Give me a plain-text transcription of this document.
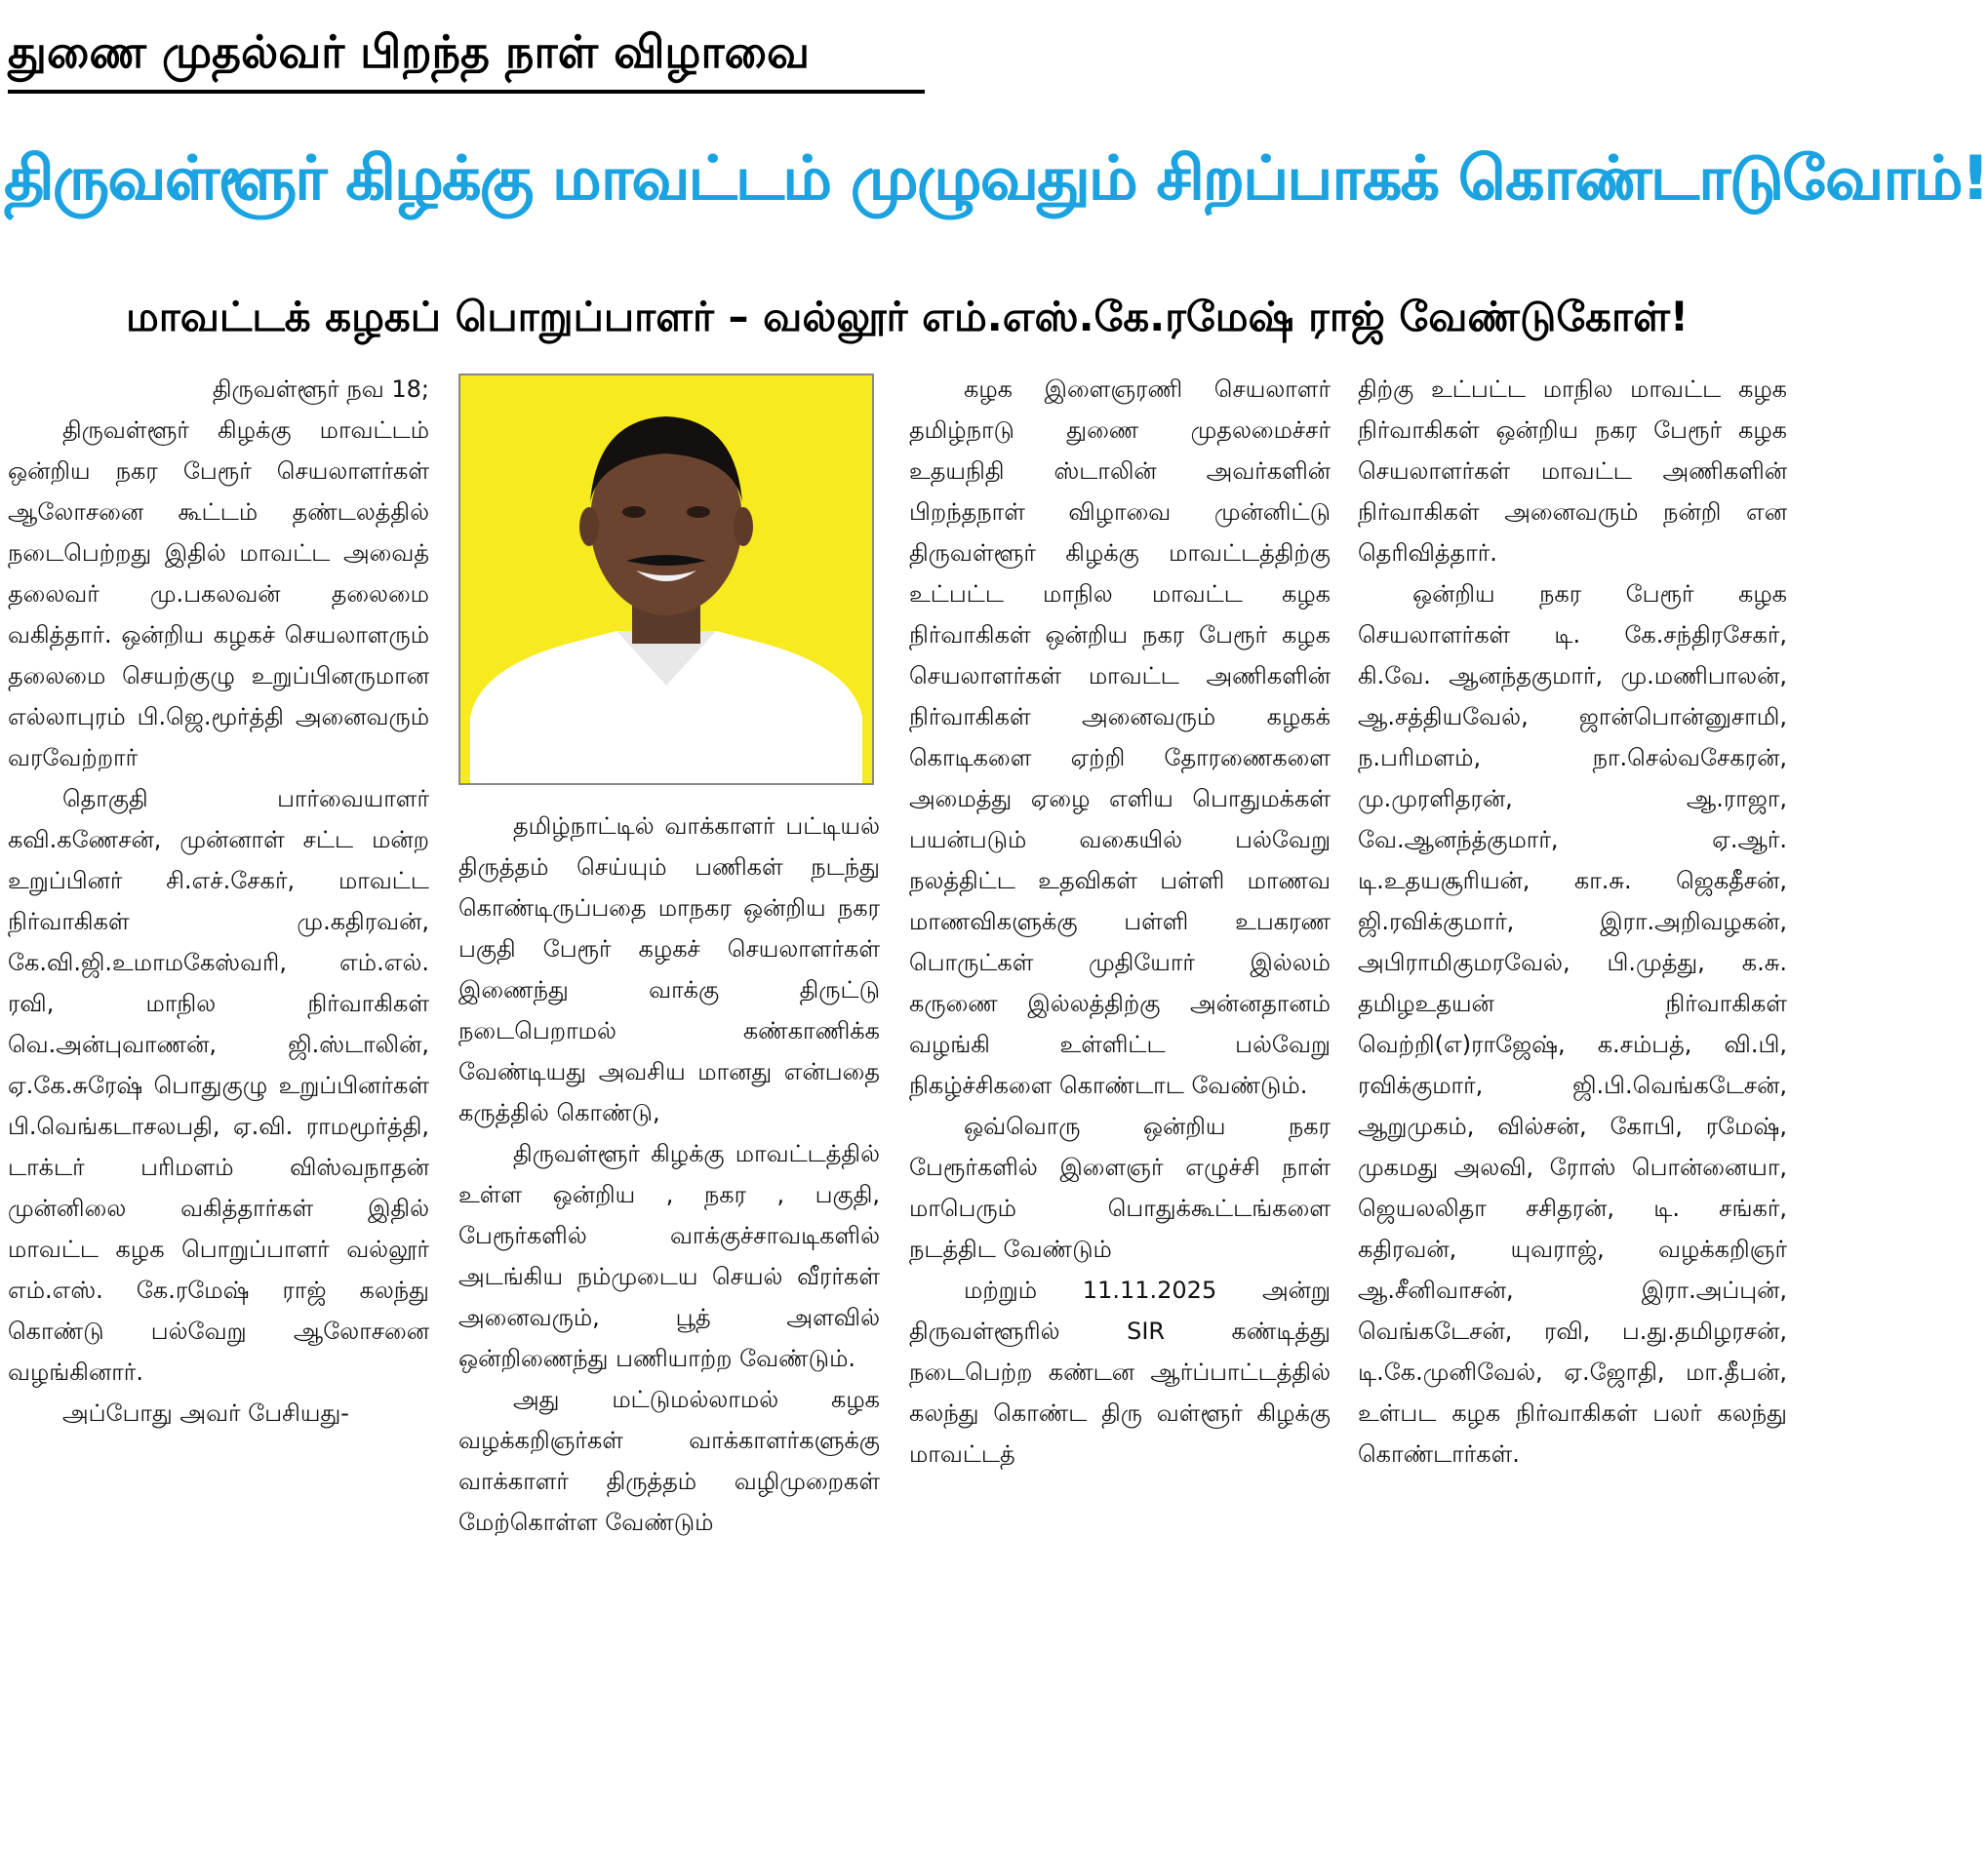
துணை முதல்வர் பிறந்த நாள் விழாவை
திருவள்ளூர் கிழக்கு மாவட்டம் முழுவதும் சிறப்பாகக் கொண்டாடுவோம்!
மாவட்டக் கழகப் பொறுப்பாளர் – வல்லூர் எம்.எஸ்.கே.ரமேஷ் ராஜ் வேண்டுகோள்!
திருவள்ளூர் நவ 18;

திருவள்ளூர் கிழக்கு மாவட்டம் ஒன்றிய நகர பேரூர் செயலாளர்கள் ஆலோசனை கூட்டம் தண்டலத்தில் நடைபெற்றது இதில் மாவட்ட அவைத் தலைவர் மு.பகலவன் தலைமை வகித்தார். ஒன்றிய கழகச் செயலாளரும் தலைமை செயற்குழு உறுப்பினருமான எல்லாபுரம் பி.ஜெ.மூர்த்தி அனைவரும் வரவேற்றார்

தொகுதி பார்வையாளர் கவி.கணேசன், முன்னாள் சட்ட மன்ற உறுப்பினர் சி.எச்.சேகர், மாவட்ட நிர்வாகிகள் மு.கதிரவன், கே.வி.ஜி.உமாமகேஸ்வரி, எம்.எல். ரவி, மாநில நிர்வாகிகள் வெ.அன்புவாணன், ஜி.ஸ்டாலின், ஏ.கே.சுரேஷ் பொதுகுழு உறுப்பினர்கள் பி.வெங்கடாசலபதி, ஏ.வி. ராமமூர்த்தி, டாக்டர் பரிமளம் விஸ்வநாதன் முன்னிலை வகித்தார்கள் இதில் மாவட்ட கழக பொறுப்பாளர் வல்லூர் எம்.எஸ். கே.ரமேஷ் ராஜ் கலந்து கொண்டு பல்வேறு ஆலோசனை வழங்கினார்.

அப்போது அவர் பேசியது-

தமிழ்நாட்டில் வாக்காளர் பட்டியல் திருத்தம் செய்யும் பணிகள் நடந்து கொண்டிருப்பதை மாநகர ஒன்றிய நகர பகுதி பேரூர் கழகச் செயலாளர்கள் இணைந்து வாக்கு திருட்டு நடைபெறாமல் கண்காணிக்க வேண்டியது அவசிய மானது என்பதை கருத்தில் கொண்டு,

திருவள்ளூர் கிழக்கு மாவட்டத்தில் உள்ள ஒன்றிய , நகர , பகுதி, பேரூர்களில் வாக்குச்சாவடிகளில் அடங்கிய நம்முடைய செயல் வீரர்கள் அனைவரும், பூத் அளவில் ஒன்றிணைந்து பணியாற்ற வேண்டும்.

அது மட்டுமல்லாமல் கழக வழக்கறிஞர்கள் வாக்காளர்களுக்கு வாக்காளர் திருத்தம் வழிமுறைகள் மேற்கொள்ள வேண்டும்

கழக இளைஞரணி செயலாளர் தமிழ்நாடு துணை முதலமைச்சர் உதயநிதி ஸ்டாலின் அவர்களின் பிறந்தநாள் விழாவை முன்னிட்டு திருவள்ளூர் கிழக்கு மாவட்டத்திற்கு உட்பட்ட மாநில மாவட்ட கழக நிர்வாகிகள் ஒன்றிய நகர பேரூர் கழக செயலாளர்கள் மாவட்ட அணிகளின் நிர்வாகிகள் அனைவரும் கழகக் கொடிகளை ஏற்றி தோரணைகளை அமைத்து ஏழை எளிய பொதுமக்கள் பயன்படும் வகையில் பல்வேறு நலத்திட்ட உதவிகள் பள்ளி மாணவ மாணவிகளுக்கு பள்ளி உபகரண பொருட்கள் முதியோர் இல்லம் கருணை இல்லத்திற்கு அன்னதானம் வழங்கி உள்ளிட்ட பல்வேறு நிகழ்ச்சிகளை கொண்டாட வேண்டும்.

ஒவ்வொரு ஒன்றிய நகர பேரூர்களில் இளைஞர் எழுச்சி நாள் மாபெரும் பொதுக்கூட்டங்களை நடத்திட வேண்டும்

மற்றும் 11.11.2025 அன்று திருவள்ளூரில் SIR கண்டித்து நடைபெற்ற கண்டன ஆர்ப்பாட்டத்தில் கலந்து கொண்ட திரு வள்ளூர் கிழக்கு மாவட்டத்

திற்கு உட்பட்ட மாநில மாவட்ட கழக நிர்வாகிகள் ஒன்றிய நகர பேரூர் கழக செயலாளர்கள் மாவட்ட அணிகளின் நிர்வாகிகள் அனைவரும் நன்றி என தெரிவித்தார்.

ஒன்றிய நகர பேரூர் கழக செயலாளர்கள் டி. கே.சந்திரசேகர், கி.வே. ஆனந்தகுமார், மு.மணிபாலன், ஆ.சத்தியவேல், ஜான்பொன்னுசாமி, ந.பரிமளம், நா.செல்வசேகரன், மு.முரளிதரன், ஆ.ராஜா, வே.ஆனந்த்குமார், ஏ.ஆர். டி.உதயசூரியன், கா.சு. ஜெகதீசன், ஜி.ரவிக்குமார், இரா.அறிவழகன், அபிராமிகுமரவேல், பி.முத்து, க.சு. தமிழஉதயன் நிர்வாகிகள் வெற்றி(எ)ராஜேஷ், க.சம்பத், வி.பி, ரவிக்குமார், ஜி.பி.வெங்கடேசன், ஆறுமுகம், வில்சன், கோபி, ரமேஷ், முகமது அலவி, ரோஸ் பொன்னையா, ஜெயலலிதா சசிதரன், டி. சங்கர், கதிரவன், யுவராஜ், வழக்கறிஞர் ஆ.சீனிவாசன், இரா.அப்புன், வெங்கடேசன், ரவி, ப.து.தமிழரசன், டி.கே.முனிவேல், ஏ.ஜோதி, மா.தீபன், உள்பட கழக நிர்வாகிகள் பலர் கலந்து கொண்டார்கள்.
